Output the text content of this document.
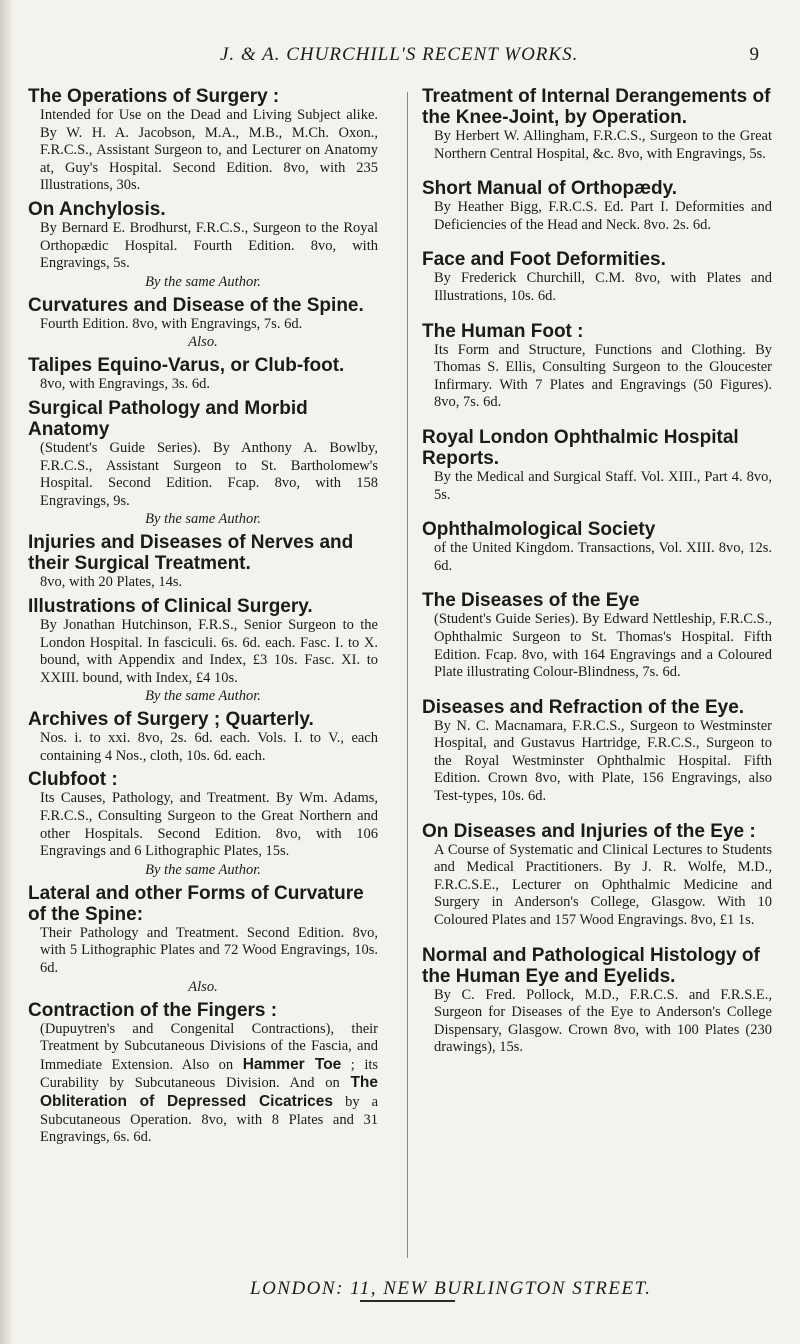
J. & A. CHURCHILL'S RECENT WORKS.	9

The Operations of Surgery :

Intended for Use on the Dead and Living Subject alike. By W. H. A. Jacobson, M.A., M.B., M.Ch. Oxon., F.R.C.S., Assistant Surgeon to, and Lecturer on Anatomy at, Guy's Hospital. Second Edition. 8vo, with 235 Illustrations, 30s.

On Anchylosis.

By Bernard E. Brodhurst, F.R.C.S., Surgeon to the Royal Orthopædic Hospital. Fourth Edition. 8vo, with Engravings, 5s.

By the same Author.

Curvatures and Disease of the Spine.

Fourth Edition. 8vo, with Engravings, 7s. 6d.

Also.

Talipes Equino-Varus, or Club-foot.

8vo, with Engravings, 3s. 6d.

Surgical Pathology and Morbid Anatomy

(Student's Guide Series). By Anthony A. Bowlby, F.R.C.S., Assistant Surgeon to St. Bartholomew's Hospital. Second Edition. Fcap. 8vo, with 158 Engravings, 9s.

By the same Author.

Injuries and Diseases of Nerves and their Surgical Treatment.

8vo, with 20 Plates, 14s.

Illustrations of Clinical Surgery.

By Jonathan Hutchinson, F.R.S., Senior Surgeon to the London Hospital. In fasciculi. 6s. 6d. each. Fasc. I. to X. bound, with Appendix and Index, £3 10s. Fasc. XI. to XXIII. bound, with Index, £4 10s.

By the same Author.

Archives of Surgery ; Quarterly.

Nos. i. to xxi. 8vo, 2s. 6d. each. Vols. I. to V., each containing 4 Nos., cloth, 10s. 6d. each.

Clubfoot :

Its Causes, Pathology, and Treatment. By Wm. Adams, F.R.C.S., Consulting Surgeon to the Great Northern and other Hospitals. Second Edition. 8vo, with 106 Engravings and 6 Lithographic Plates, 15s.

By the same Author.

Lateral and other Forms of Curvature of the Spine:

Their Pathology and Treatment. Second Edition. 8vo, with 5 Lithographic Plates and 72 Wood Engravings, 10s. 6d.

Also.

Contraction of the Fingers :

(Dupuytren's and Congenital Contractions), their Treatment by Subcutaneous Divisions of the Fascia, and Immediate Extension. Also on Hammer Toe ; its Curability by Subcutaneous Division. And on The Obliteration of Depressed Cicatrices by a Subcutaneous Operation. 8vo, with 8 Plates and 31 Engravings, 6s. 6d.

Treatment of Internal Derangements of the Knee-Joint, by Operation.

By Herbert W. Allingham, F.R.C.S., Surgeon to the Great Northern Central Hospital, &c. 8vo, with Engravings, 5s.

Short Manual of Orthopædy.

By Heather Bigg, F.R.C.S. Ed. Part I. Deformities and Deficiencies of the Head and Neck. 8vo. 2s. 6d.

Face and Foot Deformities.

By Frederick Churchill, C.M. 8vo, with Plates and Illustrations, 10s. 6d.

The Human Foot :

Its Form and Structure, Functions and Clothing. By Thomas S. Ellis, Consulting Surgeon to the Gloucester Infirmary. With 7 Plates and Engravings (50 Figures). 8vo, 7s. 6d.

Royal London Ophthalmic Hospital Reports.

By the Medical and Surgical Staff. Vol. XIII., Part 4. 8vo, 5s.

Ophthalmological Society

of the United Kingdom. Transactions, Vol. XIII. 8vo, 12s. 6d.

The Diseases of the Eye

(Student's Guide Series). By Edward Nettleship, F.R.C.S., Ophthalmic Surgeon to St. Thomas's Hospital. Fifth Edition. Fcap. 8vo, with 164 Engravings and a Coloured Plate illustrating Colour-Blindness, 7s. 6d.

Diseases and Refraction of the Eye.

By N. C. Macnamara, F.R.C.S., Surgeon to Westminster Hospital, and Gustavus Hartridge, F.R.C.S., Surgeon to the Royal Westminster Ophthalmic Hospital. Fifth Edition. Crown 8vo, with Plate, 156 Engravings, also Test-types, 10s. 6d.

On Diseases and Injuries of the Eye :

A Course of Systematic and Clinical Lectures to Students and Medical Practitioners. By J. R. Wolfe, M.D., F.R.C.S.E., Lecturer on Ophthalmic Medicine and Surgery in Anderson's College, Glasgow. With 10 Coloured Plates and 157 Wood Engravings. 8vo, £1 1s.

Normal and Pathological Histology of the Human Eye and Eyelids.

By C. Fred. Pollock, M.D., F.R.C.S. and F.R.S.E., Surgeon for Diseases of the Eye to Anderson's College Dispensary, Glasgow. Crown 8vo, with 100 Plates (230 drawings), 15s.

LONDON: 11, NEW BURLINGTON STREET.
